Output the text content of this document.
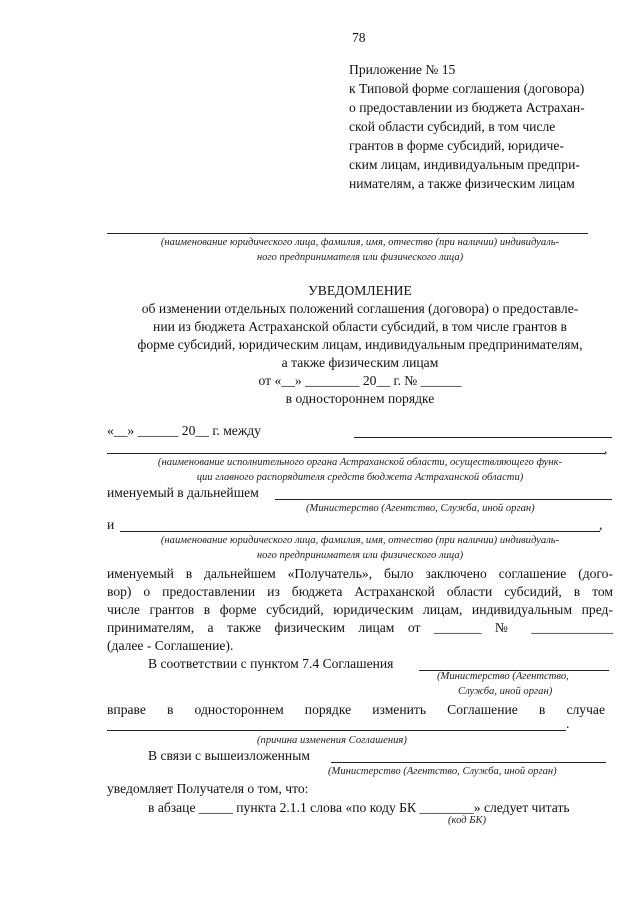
78
Приложение № 15
к Типовой форме соглашения (договора)
о предоставлении из бюджета Астрахан-
ской области субсидий, в том числе
грантов в форме субсидий, юридиче-
ским лицам, индивидуальным предпри-
нимателям, а также физическим лицам
(наименование юридического лица, фамилия, имя, отчество (при наличии) индивидуаль-
ного предпринимателя или физического лица)
УВЕДОМЛЕНИЕ
об изменении отдельных положений соглашения (договора) о предоставле-
нии из бюджета Астраханской области субсидий, в том числе грантов в
форме субсидий, юридическим лицам, индивидуальным предпринимателям,
а также физическим лицам
от «__» ________ 20__ г. № ______
в одностороннем порядке
«__» ______ 20__ г. между
,
(наименование исполнительного органа Астраханской области, осуществляющего функ-
ции главного распорядителя средств бюджета Астраханской области)
именуемый в дальнейшем
(Министерство (Агентство, Служба, иной орган)
и	,
(наименование юридического лица, фамилия, имя, отчество (при наличии) индивидуаль-
ного предпринимателя или физического лица)
именуемый в дальнейшем «Получатель», было заключено соглашение (дого-
вор) о предоставлении из бюджета Астраханской области субсидий, в том
числе грантов в форме субсидий, юридическим лицам, индивидуальным пред-
принимателям, а также физическим лицам от _______ № ____________
(далее - Соглашение).
В соответствии с пунктом 7.4 Соглашения
(Министерство (Агентство,
Служба, иной орган)
вправе в одностороннем порядке изменить Соглашение в случае
.
(причина изменения Соглашения)
В связи с вышеизложенным
(Министерство (Агентство, Служба, иной орган)
уведомляет Получателя о том, что:
в абзаце _____ пункта 2.1.1 слова «по коду БК ________» следует читать
(код БК)
